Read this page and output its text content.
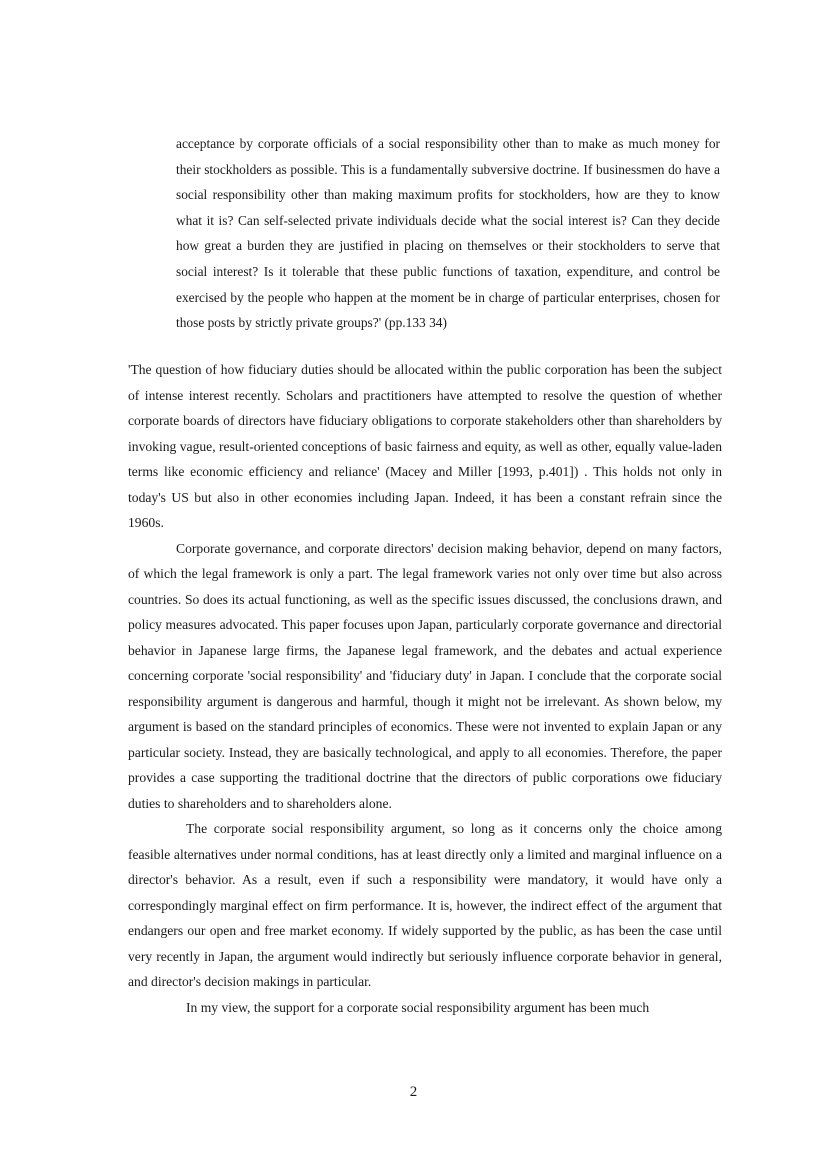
acceptance by corporate officials of a social responsibility other than to make as much money for their stockholders as possible. This is a fundamentally subversive doctrine. If businessmen do have a social responsibility other than making maximum profits for stockholders, how are they to know what it is? Can self-selected private individuals decide what the social interest is? Can they decide how great a burden they are justified in placing on themselves or their stockholders to serve that social interest? Is it tolerable that these public functions of taxation, expenditure, and control be exercised by the people who happen at the moment be in charge of particular enterprises, chosen for those posts by strictly private groups?' (pp.133 34)

'The question of how fiduciary duties should be allocated within the public corporation has been the subject of intense interest recently. Scholars and practitioners have attempted to resolve the question of whether corporate boards of directors have fiduciary obligations to corporate stakeholders other than shareholders by invoking vague, result-oriented conceptions of basic fairness and equity, as well as other, equally value-laden terms like economic efficiency and reliance' (Macey and Miller [1993, p.401]) . This holds not only in today's US but also in other economies including Japan. Indeed, it has been a constant refrain since the 1960s.

Corporate governance, and corporate directors' decision making behavior, depend on many factors, of which the legal framework is only a part. The legal framework varies not only over time but also across countries. So does its actual functioning, as well as the specific issues discussed, the conclusions drawn, and policy measures advocated. This paper focuses upon Japan, particularly corporate governance and directorial behavior in Japanese large firms, the Japanese legal framework, and the debates and actual experience concerning corporate 'social responsibility' and 'fiduciary duty' in Japan. I conclude that the corporate social responsibility argument is dangerous and harmful, though it might not be irrelevant. As shown below, my argument is based on the standard principles of economics. These were not invented to explain Japan or any particular society. Instead, they are basically technological, and apply to all economies. Therefore, the paper provides a case supporting the traditional doctrine that the directors of public corporations owe fiduciary duties to shareholders and to shareholders alone.

The corporate social responsibility argument, so long as it concerns only the choice among feasible alternatives under normal conditions, has at least directly only a limited and marginal influence on a director's behavior. As a result, even if such a responsibility were mandatory, it would have only a correspondingly marginal effect on firm performance. It is, however, the indirect effect of the argument that endangers our open and free market economy. If widely supported by the public, as has been the case until very recently in Japan, the argument would indirectly but seriously influence corporate behavior in general, and director's decision makings in particular.

In my view, the support for a corporate social responsibility argument has been much

2
